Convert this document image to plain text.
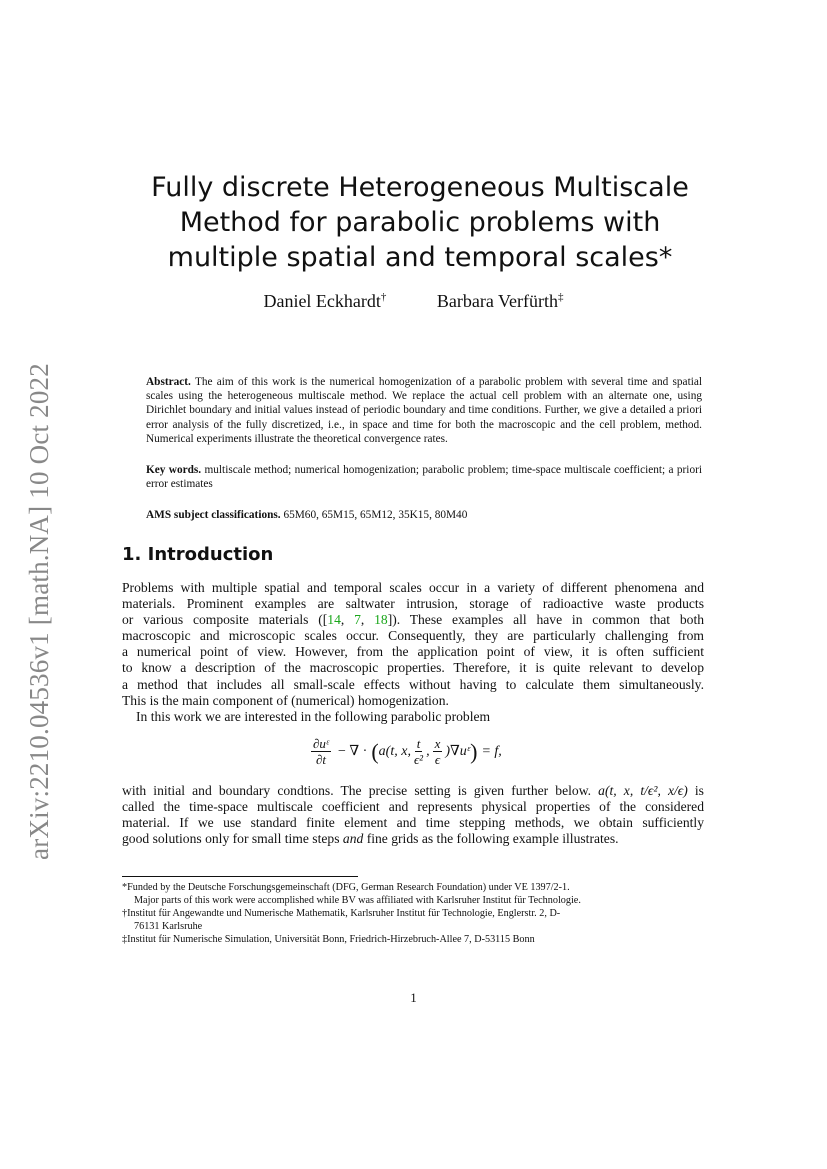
arXiv:2210.04536v1 [math.NA] 10 Oct 2022
Fully discrete Heterogeneous Multiscale
Method for parabolic problems with
multiple spatial and temporal scales*
Daniel Eckhardt†	Barbara Verfürth‡

Abstract. The aim of this work is the numerical homogenization of a parabolic problem with several time and spatial scales using the heterogeneous multiscale method. We replace the actual cell problem with an alternate one, using Dirichlet boundary and initial values instead of periodic boundary and time conditions. Further, we give a detailed a priori error analysis of the fully discretized, i.e., in space and time for both the macroscopic and the cell problem, method. Numerical experiments illustrate the theoretical convergence rates.

Key words. multiscale method; numerical homogenization; parabolic problem; time-space multiscale coefficient; a priori error estimates

AMS subject classifications. 65M60, 65M15, 65M12, 35K15, 80M40

1. Introduction
Problems with multiple spatial and temporal scales occur in a variety of different phenomena and
materials. Prominent examples are saltwater intrusion, storage of radioactive waste products
or various composite materials ([14, 7, 18]). These examples all have in common that both
macroscopic and microscopic scales occur. Consequently, they are particularly challenging from
a numerical point of view. However, from the application point of view, it is often sufficient
to know a description of the macroscopic properties. Therefore, it is quite relevant to develop
a method that includes all small-scale effects without having to calculate them simultaneously.
This is the main component of (numerical) homogenization.
In this work we are interested in the following parabolic problem
$\frac{\text{∂uᵋ}}{\partial t}$ − ∇ · ( a(t, x, $\frac{t}{\text{ϵ²}}$ , $\frac{x}{\epsilon}$ )∇uᵋ ) = f,
with initial and boundary condtions. The precise setting is given further below. a(t, x, t/ϵ², x/ϵ) is
called the time-space multiscale coefficient and represents physical properties of the considered
material. If we use standard finite element and time stepping methods, we obtain sufficiently
good solutions only for small time steps and fine grids as the following example illustrates.
*Funded by the Deutsche Forschungsgemeinschaft (DFG, German Research Foundation) under VE 1397/2-1.
Major parts of this work were accomplished while BV was affiliated with Karlsruher Institut für Technologie.
†Institut für Angewandte und Numerische Mathematik, Karlsruher Institut für Technologie, Englerstr. 2, D-
76131 Karlsruhe
‡Institut für Numerische Simulation, Universität Bonn, Friedrich-Hirzebruch-Allee 7, D-53115 Bonn
1
